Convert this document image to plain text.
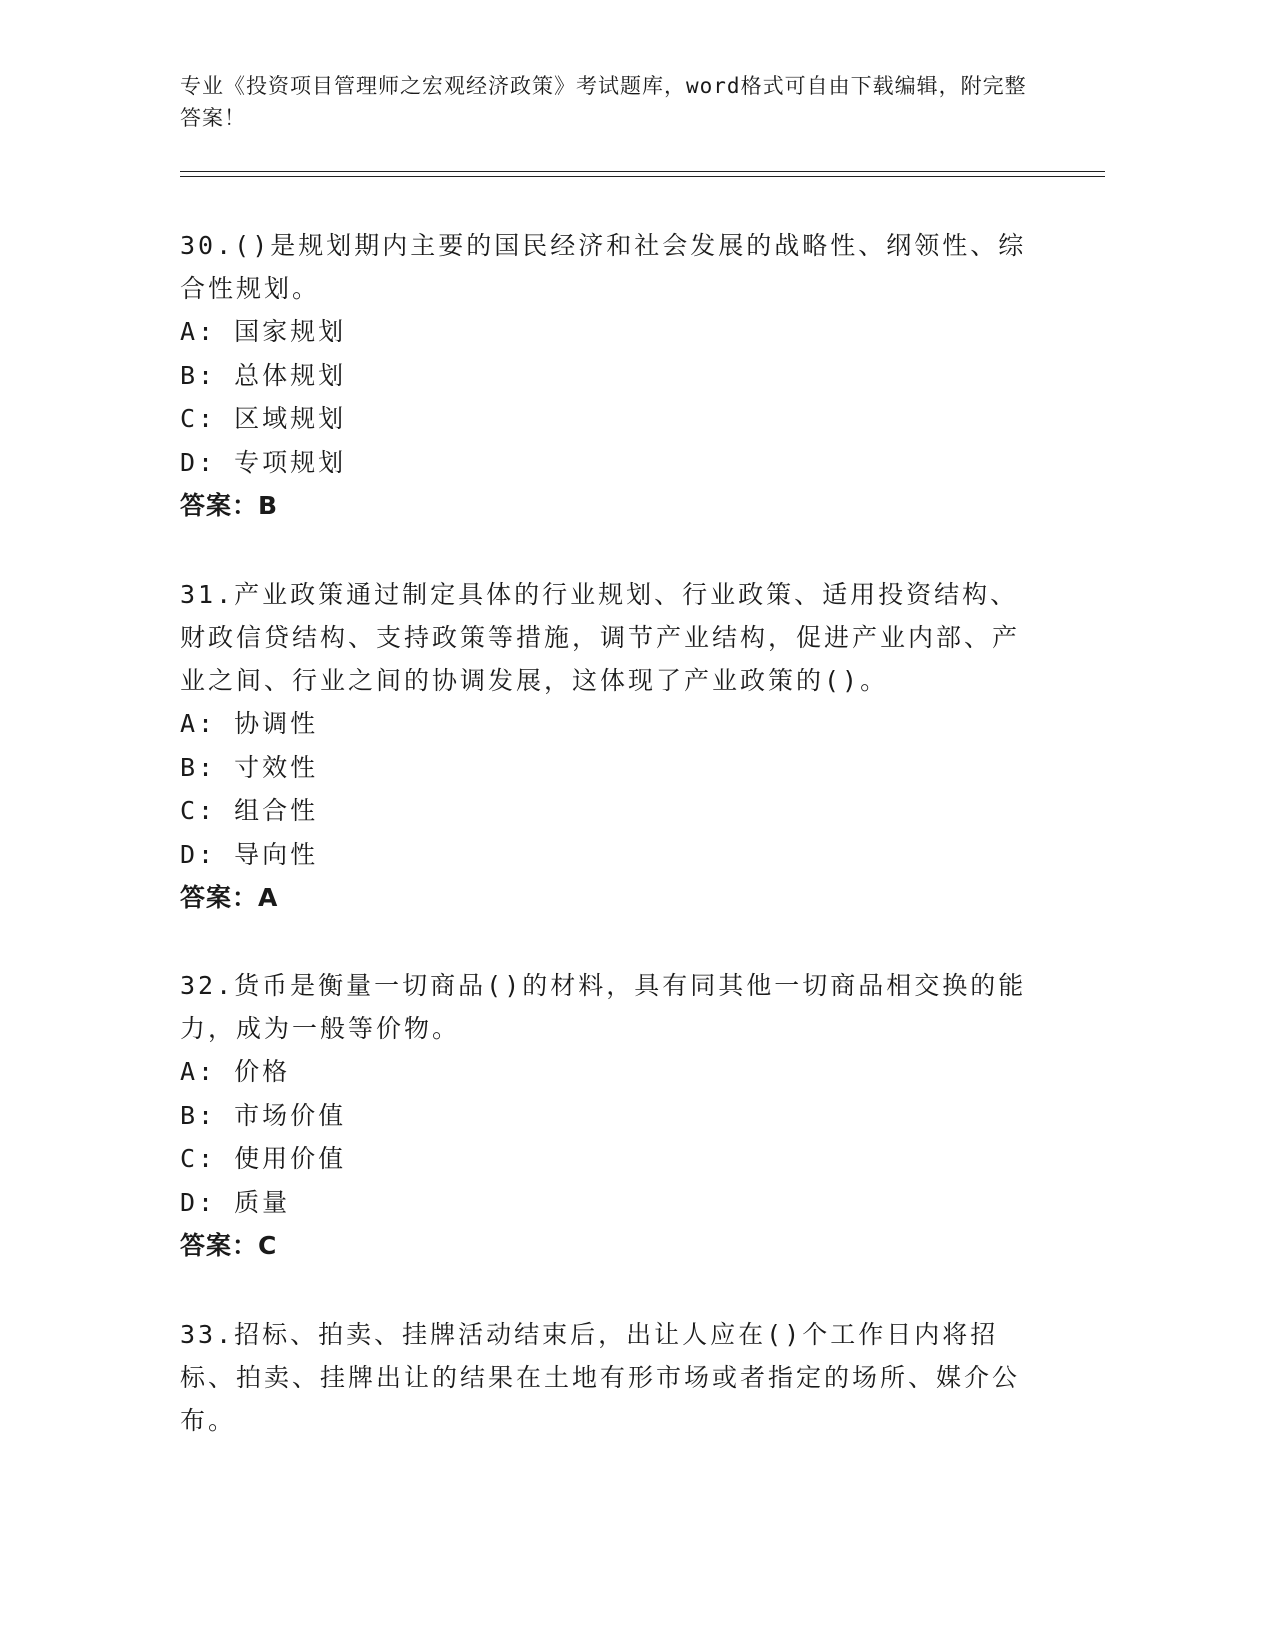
专业《投资项目管理师之宏观经济政策》考试题库，word格式可自由下载编辑，附完整答案！

30.()是规划期内主要的国民经济和社会发展的战略性、纲领性、综合性规划。

A: 国家规划

B: 总体规划

C: 区域规划

D: 专项规划

答案：B

31.产业政策通过制定具体的行业规划、行业政策、适用投资结构、财政信贷结构、支持政策等措施，调节产业结构，促进产业内部、产业之间、行业之间的协调发展，这体现了产业政策的()。

A: 协调性

B: 寸效性

C: 组合性

D: 导向性

答案：A

32.货币是衡量一切商品()的材料，具有同其他一切商品相交换的能力，成为一般等价物。

A: 价格

B: 市场价值

C: 使用价值

D: 质量

答案：C

33.招标、拍卖、挂牌活动结束后，出让人应在()个工作日内将招标、拍卖、挂牌出让的结果在土地有形市场或者指定的场所、媒介公布。
